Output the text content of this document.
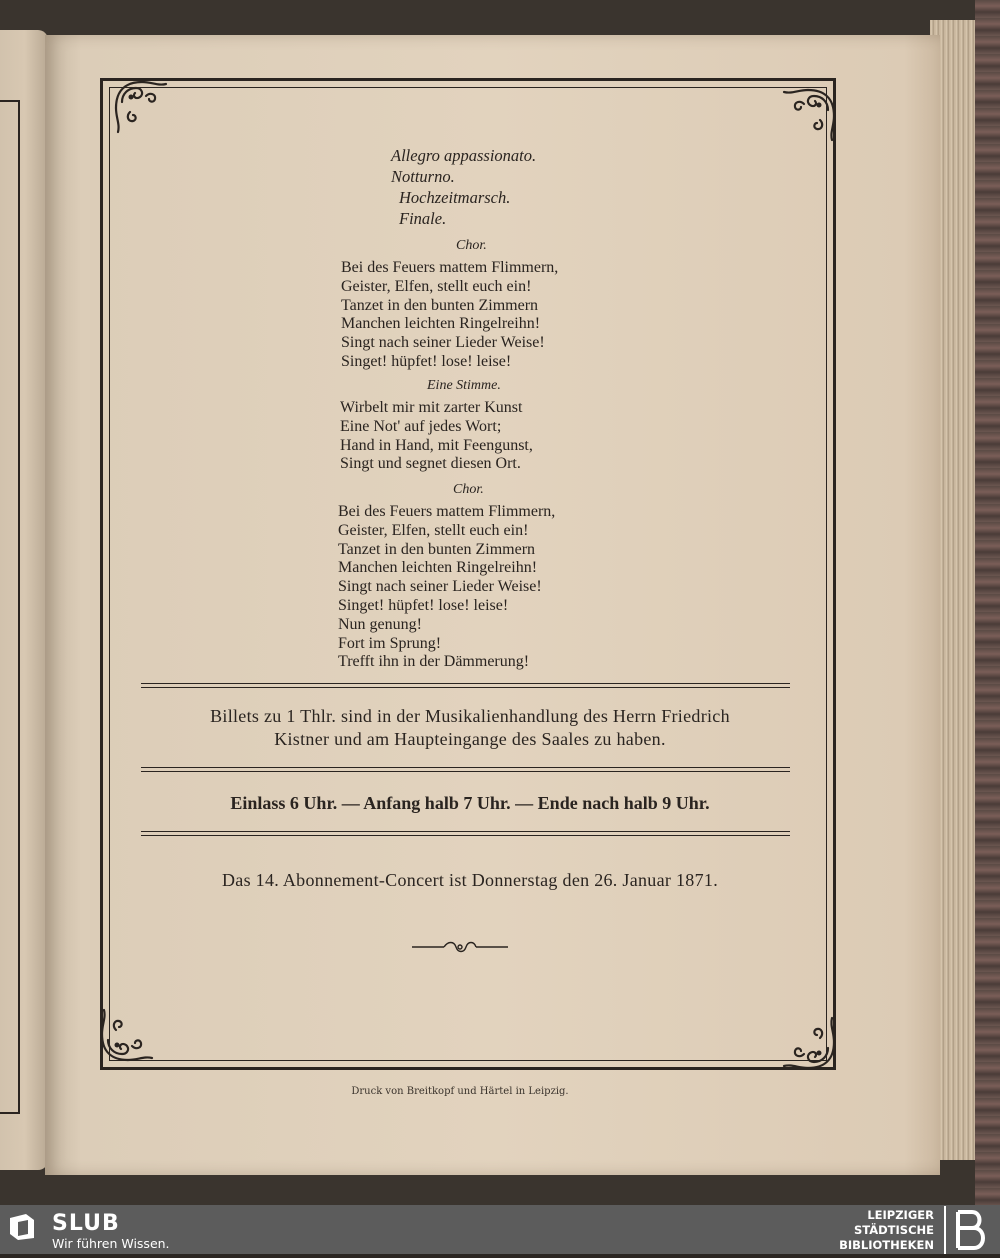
Allegro appassionato.
Notturno.
Hochzeitmarsch.
Finale.
Chor.
Bei des Feuers mattem Flimmern,
Geister, Elfen, stellt euch ein!
Tanzet in den bunten Zimmern
Manchen leichten Ringelreihn!
Singt nach seiner Lieder Weise!
Singet! hüpfet! lose! leise!
Eine Stimme.
Wirbelt mir mit zarter Kunst
Eine Not' auf jedes Wort;
Hand in Hand, mit Feengunst,
Singt und segnet diesen Ort.
Chor.
Bei des Feuers mattem Flimmern,
Geister, Elfen, stellt euch ein!
Tanzet in den bunten Zimmern
Manchen leichten Ringelreihn!
Singt nach seiner Lieder Weise!
Singet! hüpfet! lose! leise!
Nun genung!
Fort im Sprung!
Trefft ihn in der Dämmerung!
Billets zu 1 Thlr. sind in der Musikalienhandlung des Herrn Friedrich
Kistner und am Haupteingange des Saales zu haben.
Einlass 6 Uhr. — Anfang halb 7 Uhr. — Ende nach halb 9 Uhr.
Das 14. Abonnement-Concert ist Donnerstag den 26. Januar 1871.
Druck von Breitkopf und Härtel in Leipzig.
SLUB
Wir führen Wissen.
LEIPZIGER
STÄDTISCHE
BIBLIOTHEKEN
